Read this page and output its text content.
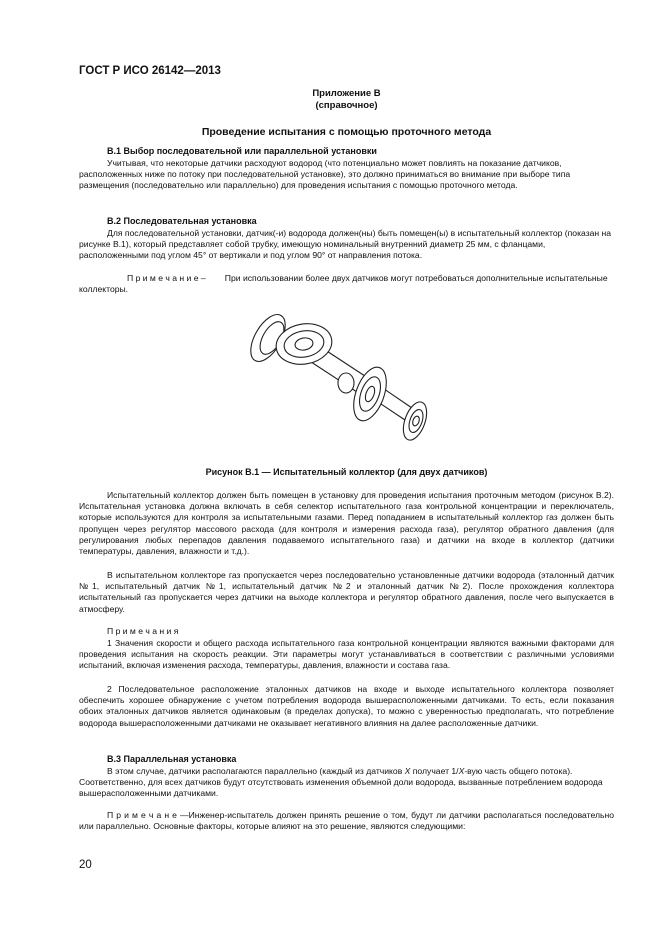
ГОСТ Р ИСО 26142—2013
Приложение В
(справочное)
Проведение испытания с помощью проточного метода
В.1 Выбор последовательной или параллельной установки

Учитывая, что некоторые датчики расходуют водород (что потенциально может повлиять на показание датчиков, расположенных ниже по потоку при последовательной установке), это должно приниматься во внимание при выборе типа размещения (последовательно или параллельно) для проведения испытания с помощью проточного метода.

В.2 Последовательная установка

Для последовательной установки, датчик(-и) водорода должен(ны) быть помещен(ы) в испытательный коллектор (показан на рисунке В.1), который представляет собой трубку, имеющую номинальный внутренний диаметр 25 мм, с фланцами, расположенными под углом 45° от вертикали и под углом 90° от направления потока.

П р и м е ч а н и е – При использовании более двух датчиков могут потребоваться дополнительные испытательные коллекторы.

Рисунок В.1 — Испытательный коллектор (для двух датчиков)

Испытательный коллектор должен быть помещен в установку для проведения испытания проточным методом (рисунок В.2). Испытательная установка должна включать в себя селектор испытательного газа контрольной концентрации и переключатель, которые используются для контроля за испытательными газами. Перед попаданием в испытательный коллектор газ должен быть пропущен через регулятор массового расхода (для контроля и измерения расхода газа), регулятор обратного давления (для регулирования любых перепадов давления подаваемого испытательного газа) и датчики на входе в коллектор (датчики температуры, давления, влажности и т.д.).

В испытательном коллекторе газ пропускается через последовательно установленные датчики водорода (эталонный датчик №1, испытательный датчик №1, испытательный датчик №2 и эталонный датчик №2). После прохождения коллектора испытательный газ пропускается через датчики на выходе коллектора и регулятор обратного давления, после чего выпускается в атмосферу.

П р и м е ч а н и я

1 Значения скорости и общего расхода испытательного газа контрольной концентрации являются важными факторами для проведения испытания на скорость реакции. Эти параметры могут устанавливаться в соответствии с различными условиями испытаний, включая изменения расхода, температуры, давления, влажности и состава газа.

2 Последовательное расположение эталонных датчиков на входе и выходе испытательного коллектора позволяет обеспечить хорошее обнаружение с учетом потребления водорода вышерасположенными датчиками. То есть, если показания обоих эталонных датчиков является одинаковым (в пределах допуска), то можно с уверенностью предполагать, что потребление водорода вышерасположенными датчиками не оказывает негативного влияния на далее расположенные датчики.

В.3 Параллельная установка

В этом случае, датчики располагаются параллельно (каждый из датчиков X получает 1/X-вую часть общего потока). Соответственно, для всех датчиков будут отсутствовать изменения объемной доли водорода, вызванные потреблением водорода вышерасположенными датчиками.

П р и м е ч а н е —Инженер-испытатель должен принять решение о том, будут ли датчики располагаться последовательно или параллельно. Основные факторы, которые влияют на это решение, являются следующими:

20
